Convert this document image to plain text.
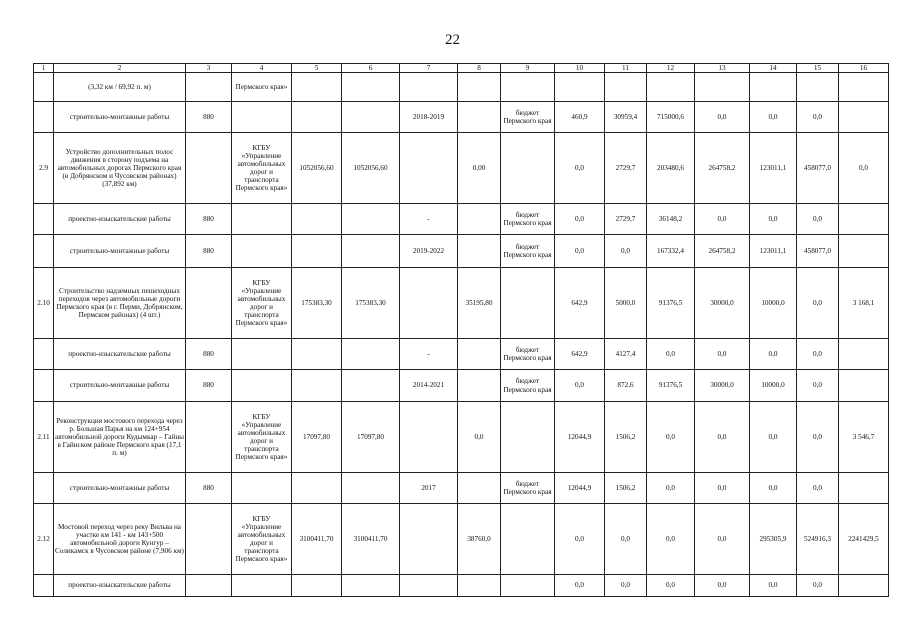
22
1	2	3	4	5	6	7	8	9	10	11	12	13	14	15	16
	(3,32 км / 69,92 п. м)		Пермского края»												
	строительно-монтажные работы	880				2018-2019		бюджет Пермского края	460,9	30959,4	715000,6	0,0	0,0	0,0	
2.9	Устройство дополнительных полос движения в сторону подъема на автомобильных дорогах Пермского края (в Добрянском и Чусовском районах) (37,892 км)		КГБУ «Управление автомобильных дорог и транспорта Пермского края»	1052056,60	1052056,60		0,00		0,0	2729,7	203480,6	264758,2	123011,1	458077,0	0,0
	проектно-изыскательские работы	880				-		бюджет Пермского края	0,0	2729,7	36148,2	0,0	0,0	0,0	
	строительно-монтажные работы	880				2019-2022		бюджет Пермского края	0,0	0,0	167332,4	264758,2	123011,1	458077,0	
2.10	Строительство надземных пешеходных переходов через автомобильные дороги Пермского края (в г. Перми, Добрянском, Пермском районах) (4 шт.)		КГБУ «Управление автомобильных дорог и транспорта Пермского края»	175383,30	175383,30		35195,80		642,9	5000,0	91376,5	30000,0	10000,0	0,0	3 168,1
	проектно-изыскательские работы	880				-		бюджет Пермского края	642,9	4127,4	0,0	0,0	0,0	0,0	
	строительно-монтажные работы	880				2014-2021		бюджет Пермского края	0,0	872,6	91376,5	30000,0	10000,0	0,0	
2.11	Реконструкция мостового перехода через р. Большая Парья на км 124+954 автомобильной дороги Кудымкар – Гайны в Гайнском районе Пермского края (17,1 п. м)		КГБУ «Управление автомобильных дорог и транспорта Пермского края»	17097,80	17097,80		0,0		12044,9	1506,2	0,0	0,0	0,0	0,0	3 546,7
	строительно-монтажные работы	880				2017		бюджет Пермского края	12044,9	1506,2	0,0	0,0	0,0	0,0	
2.12	Мостовой переход через реку Вильва на участке км 141 - км 143+500 автомобильной дороги Кунгур – Соликамск в Чусовском районе (7,906 км)		КГБУ «Управление автомобильных дорог и транспорта Пермского края»	3100411,70	3100411,70		38760,0		0,0	0,0	0,0	0,0	295305,9	524916,3	2241429,5
	проектно-изыскательские работы								0,0	0,0	0,0	0,0	0,0	0,0	
